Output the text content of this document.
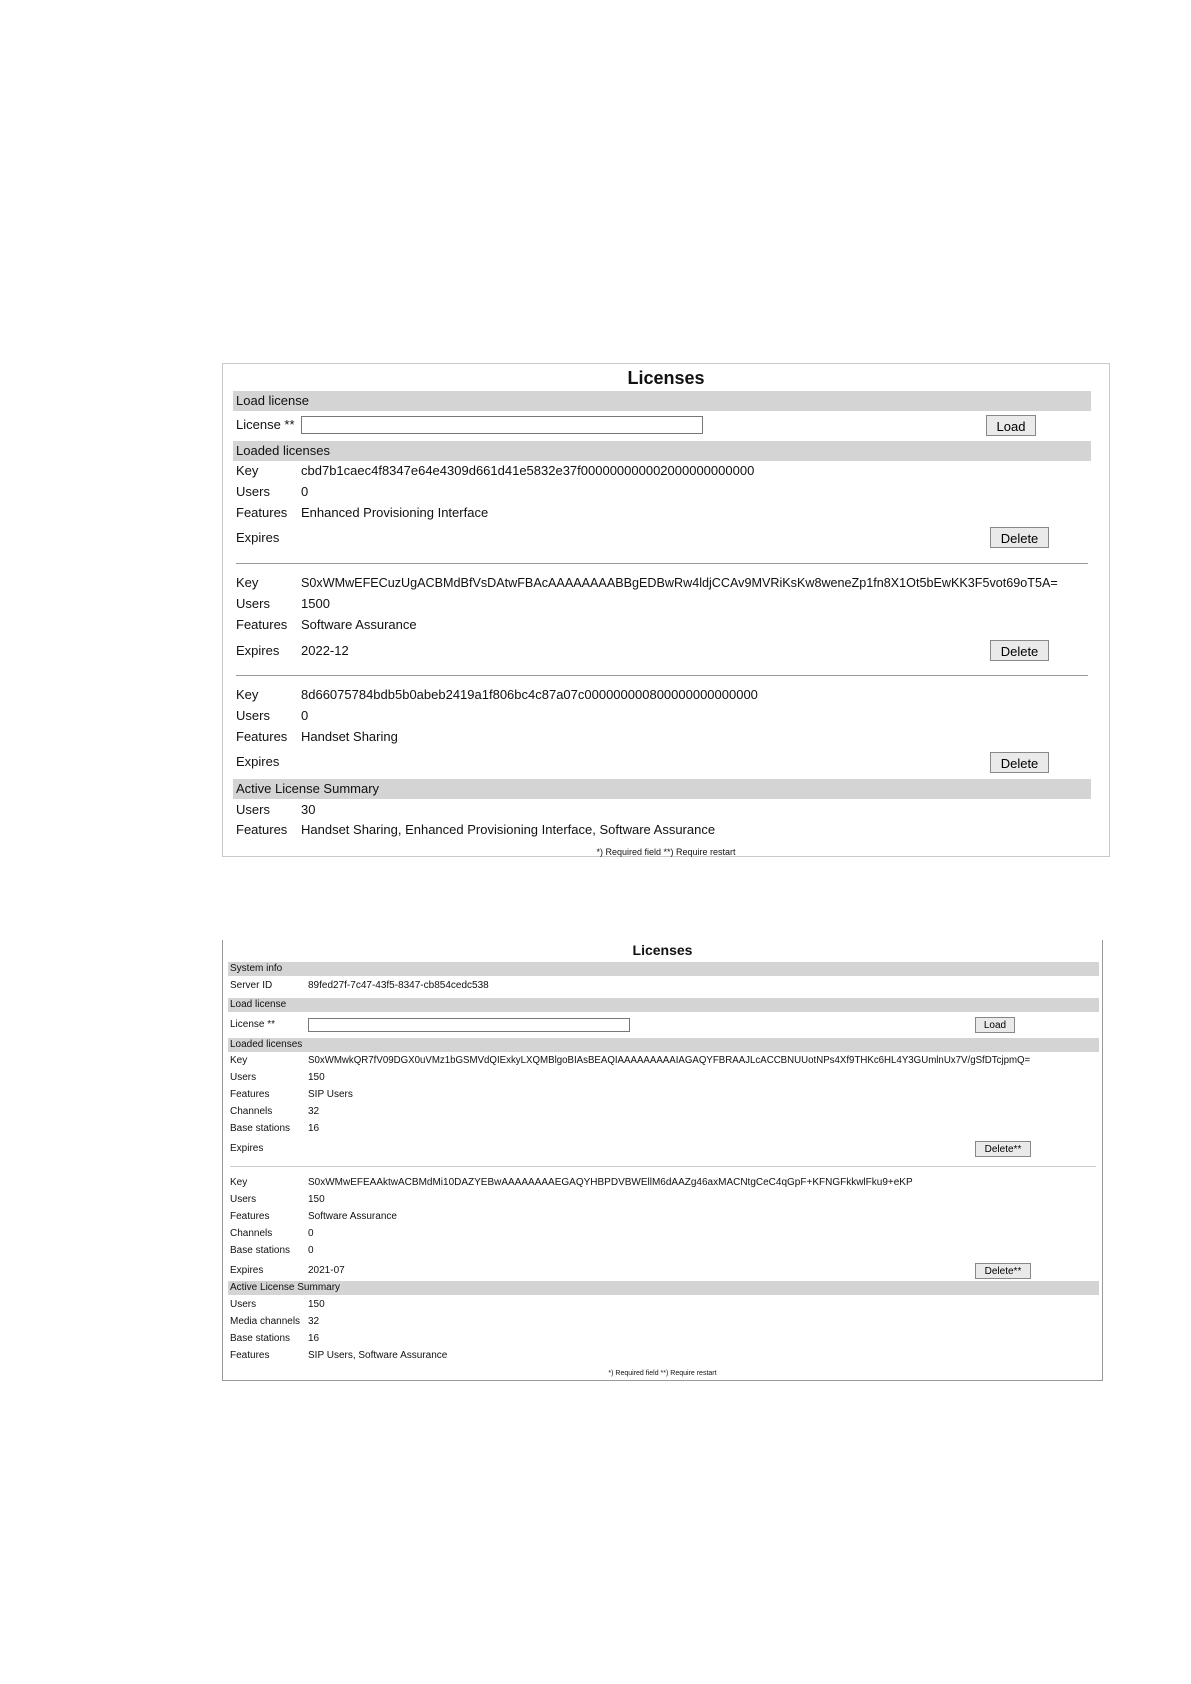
Licenses
Load license
License **	Load
Loaded licenses
Key	cbd7b1caec4f8347e64e4309d661d41e5832e37f000000000002000000000000
Users 0
Features Enhanced Provisioning Interface
Expires	Delete
Key	S0xWMwEFECuzUgACBMdBfVsDAtwFBAcAAAAAAAABBgEDBwRw4ldjCCAv9MVRiKsKw8weneZp1fn8X1Ot5bEwKK3F5vot69oT5A=
Users 1500
Features Software Assurance
Expires 2022-12	Delete
Key	8d66075784bdb5b0abeb2419a1f806bc4c87a07c000000000800000000000000
Users 0
Features Handset Sharing
Expires	Delete
Active License Summary
Users 30
Features Handset Sharing, Enhanced Provisioning Interface, Software Assurance
*) Required field **) Require restart
Licenses
System info
Server ID	89fed27f-7c47-43f5-8347-cb854cedc538
Load license
License **	Load
Loaded licenses
Key	S0xWMwkQR7fV09DGX0uVMz1bGSMVdQIExkyLXQMBlgoBIAsBEAQIAAAAAAAAAIAGAQYFBRAAJLcACCBNUUotNPs4Xf9THKc6HL4Y3GUmlnUx7V/gSfDTcjpmQ=
Users	150
Features	SIP Users
Channels	32
Base stations 16
Expires	Delete**
Key	S0xWMwEFEAAktwACBMdMi10DAZYEBwAAAAAAAAEGAQYHBPDVBWEllM6dAAZg46axMACNtgCeC4qGpF+KFNGFkkwlFku9+eKP
Users	150
Features	Software Assurance
Channels	0
Base stations 0
Expires	2021-07	Delete**
Active License Summary
Users	150
Media channels 32
Base stations 16
Features	SIP Users, Software Assurance
*) Required field **) Require restart
